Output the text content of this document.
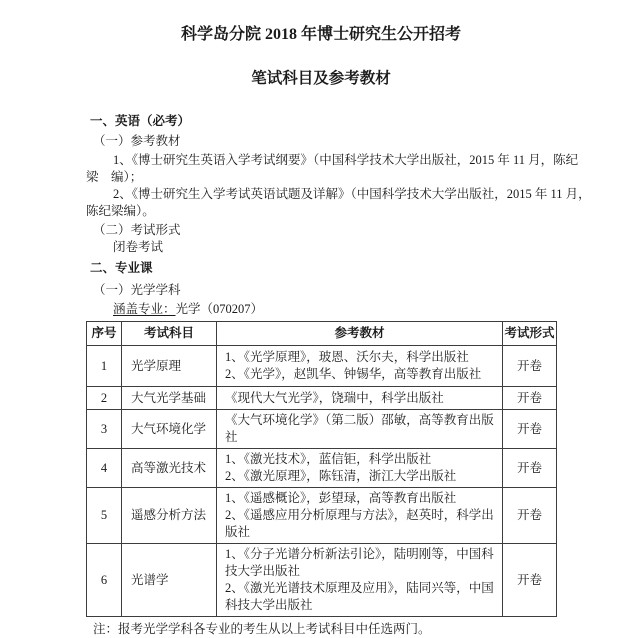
科学岛分院 2018 年博士研究生公开招考
笔试科目及参考教材
一、英语（必考）
（一）参考教材
1、《博士研究生英语入学考试纲要》（中国科学技术大学出版社，2015 年 11 月，陈纪
梁　编）；
2、《博士研究生入学考试英语试题及详解》（中国科学技术大学出版社，2015 年 11 月，
陈纪梁编）。
（二）考试形式
闭卷考试
二、专业课
（一）光学学科
涵盖专业：光学（070207）
序号	考试科目	参考教材	考试形式
1	光学原理	1、《光学原理》，玻恩、沃尔夫，科学出版社
2、《光学》，赵凯华、钟锡华，高等教育出版社	开卷
2	大气光学基础	《现代大气光学》，饶瑞中，科学出版社	开卷
3	大气环境化学	《大气环境化学》（第二版）邵敏，高等教育出版社	开卷
4	高等激光技术	1、《激光技术》，蓝信钜，科学出版社
2、《激光原理》，陈钰清，浙江大学出版社	开卷
5	遥感分析方法	1、《遥感概论》，彭望琭，高等教育出版社
2、《遥感应用分析原理与方法》，赵英时，科学出版社	开卷
6	光谱学	1、《分子光谱分析新法引论》，陆明刚等，中国科技大学出版社
2、《激光光谱技术原理及应用》，陆同兴等，中国科技大学出版社	开卷
注：报考光学学科各专业的考生从以上考试科目中任选两门。
